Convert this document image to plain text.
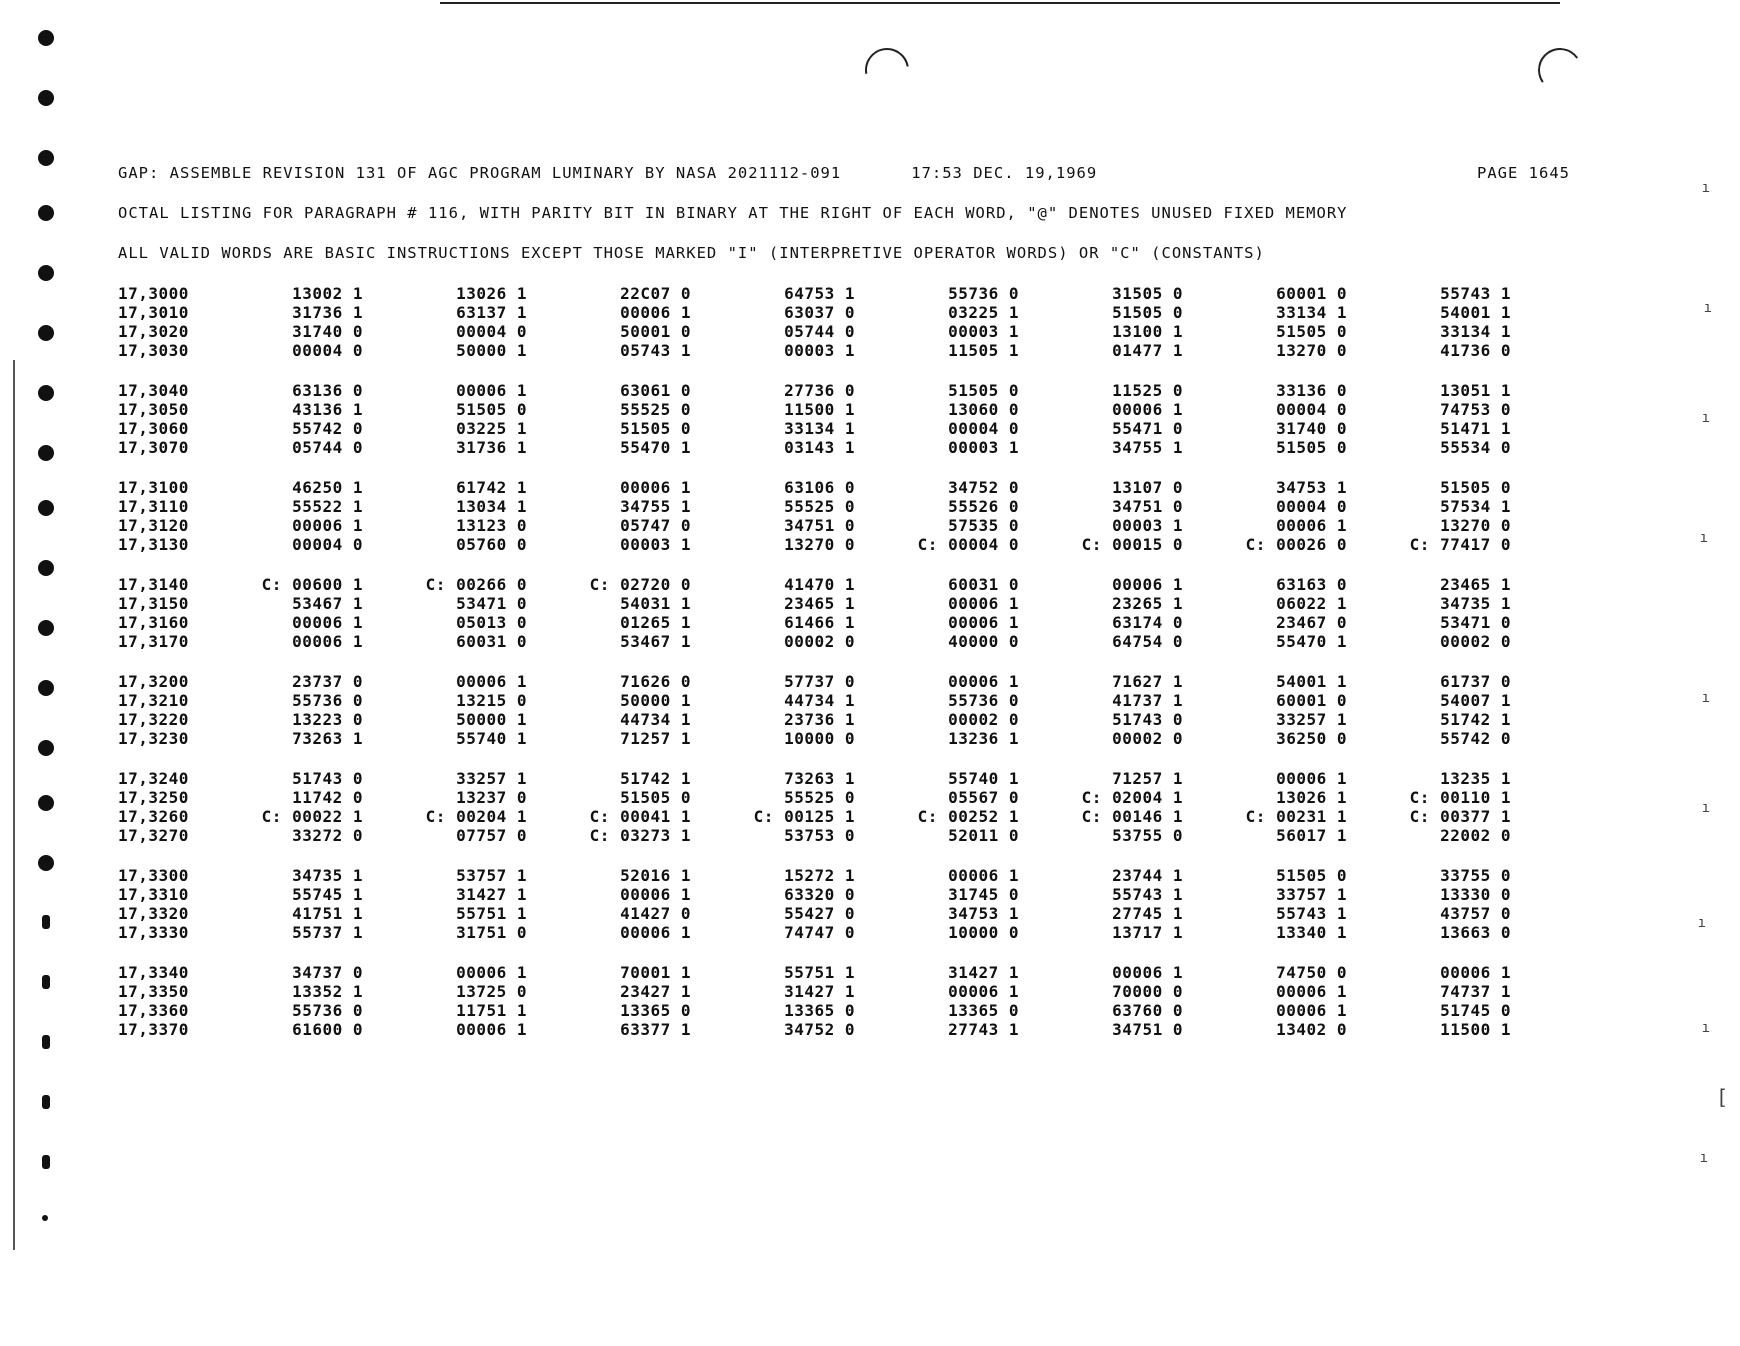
ı
ı
ı
ı
ı
ı
ı
ı
[
ı
GAP: ASSEMBLE REVISION 131 OF AGC PROGRAM LUMINARY BY NASA 2021112-091	17:53 DEC. 19,1969	PAGE 1645
OCTAL LISTING FOR PARAGRAPH # 116, WITH PARITY BIT IN BINARY AT THE RIGHT OF EACH WORD, "@" DENOTES UNUSED FIXED MEMORY
ALL VALID WORDS ARE BASIC INSTRUCTIONS EXCEPT THOSE MARKED "I" (INTERPRETIVE OPERATOR WORDS) OR "C" (CONSTANTS)
17,3000	13002 1	13026 1	22C07 0	64753 1	55736 0	31505 0	60001 0	55743 1
17,3010	31736 1	63137 1	00006 1	63037 0	03225 1	51505 0	33134 1	54001 1
17,3020	31740 0	00004 0	50001 0	05744 0	00003 1	13100 1	51505 0	33134 1
17,3030	00004 0	50000 1	05743 1	00003 1	11505 1	01477 1	13270 0	41736 0
17,3040	63136 0	00006 1	63061 0	27736 0	51505 0	11525 0	33136 0	13051 1
17,3050	43136 1	51505 0	55525 0	11500 1	13060 0	00006 1	00004 0	74753 0
17,3060	55742 0	03225 1	51505 0	33134 1	00004 0	55471 0	31740 0	51471 1
17,3070	05744 0	31736 1	55470 1	03143 1	00003 1	34755 1	51505 0	55534 0
17,3100	46250 1	61742 1	00006 1	63106 0	34752 0	13107 0	34753 1	51505 0
17,3110	55522 1	13034 1	34755 1	55525 0	55526 0	34751 0	00004 0	57534 1
17,3120	00006 1	13123 0	05747 0	34751 0	57535 0	00003 1	00006 1	13270 0
17,3130	00004 0	05760 0	00003 1	13270 0	C: 00004 0	C: 00015 0	C: 00026 0	C: 77417 0
17,3140	C: 00600 1	C: 00266 0	C: 02720 0	41470 1	60031 0	00006 1	63163 0	23465 1
17,3150	53467 1	53471 0	54031 1	23465 1	00006 1	23265 1	06022 1	34735 1
17,3160	00006 1	05013 0	01265 1	61466 1	00006 1	63174 0	23467 0	53471 0
17,3170	00006 1	60031 0	53467 1	00002 0	40000 0	64754 0	55470 1	00002 0
17,3200	23737 0	00006 1	71626 0	57737 0	00006 1	71627 1	54001 1	61737 0
17,3210	55736 0	13215 0	50000 1	44734 1	55736 0	41737 1	60001 0	54007 1
17,3220	13223 0	50000 1	44734 1	23736 1	00002 0	51743 0	33257 1	51742 1
17,3230	73263 1	55740 1	71257 1	10000 0	13236 1	00002 0	36250 0	55742 0
17,3240	51743 0	33257 1	51742 1	73263 1	55740 1	71257 1	00006 1	13235 1
17,3250	11742 0	13237 0	51505 0	55525 0	05567 0	C: 02004 1	13026 1	C: 00110 1
17,3260	C: 00022 1	C: 00204 1	C: 00041 1	C: 00125 1	C: 00252 1	C: 00146 1	C: 00231 1	C: 00377 1
17,3270	33272 0	07757 0	C: 03273 1	53753 0	52011 0	53755 0	56017 1	22002 0
17,3300	34735 1	53757 1	52016 1	15272 1	00006 1	23744 1	51505 0	33755 0
17,3310	55745 1	31427 1	00006 1	63320 0	31745 0	55743 1	33757 1	13330 0
17,3320	41751 1	55751 1	41427 0	55427 0	34753 1	27745 1	55743 1	43757 0
17,3330	55737 1	31751 0	00006 1	74747 0	10000 0	13717 1	13340 1	13663 0
17,3340	34737 0	00006 1	70001 1	55751 1	31427 1	00006 1	74750 0	00006 1
17,3350	13352 1	13725 0	23427 1	31427 1	00006 1	70000 0	00006 1	74737 1
17,3360	55736 0	11751 1	13365 0	13365 0	13365 0	63760 0	00006 1	51745 0
17,3370	61600 0	00006 1	63377 1	34752 0	27743 1	34751 0	13402 0	11500 1
